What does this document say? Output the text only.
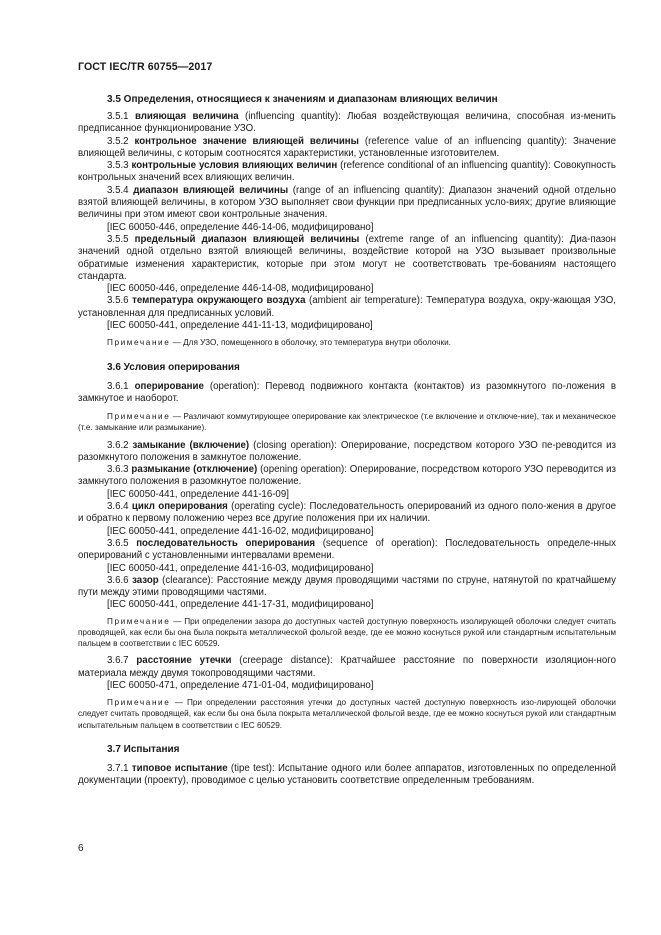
ГОСТ IEC/TR 60755—2017
3.5 Определения, относящиеся к значениям и диапазонам влияющих величин

3.5.1 влияющая величина (influencing quantity): Любая воздействующая величина, способная из-менить предписанное функционирование УЗО.

3.5.2 контрольное значение влияющей величины (reference value of an influencing quantity): Значение влияющей величины, с которым соотносятся характеристики, установленные изготовителем.

3.5.3 контрольные условия влияющих величин (reference conditional of an influencing quantity): Совокупность контрольных значений всех влияющих величин.

3.5.4 диапазон влияющей величины (range of an influencing quantity): Диапазон значений одной отдельно взятой влияющей величины, в котором УЗО выполняет свои функции при предписанных усло-виях; другие влияющие величины при этом имеют свои контрольные значения.

[IEC 60050-446, определение 446-14-06, модифицировано]

3.5.5 предельный диапазон влияющей величины (extreme range of an influencing quantity): Диа-пазон значений одной отдельно взятой влияющей величины, воздействие которой на УЗО вызывает произвольные обратимые изменения характеристик, которые при этом могут не соответствовать тре-бованиям настоящего стандарта.

[IEC 60050-446, определение 446-14-08, модифицировано]

3.5.6 температура окружающего воздуха (ambient air temperature): Температура воздуха, окру-жающая УЗО, установленная для предписанных условий.

[IEC 60050-441, определение 441-11-13, модифицировано]

Примечание — Для УЗО, помещенного в оболочку, это температура внутри оболочки.

3.6 Условия оперирования

3.6.1 оперирование (operation): Перевод подвижного контакта (контактов) из разомкнутого по-ложения в замкнутое и наоборот.

Примечание — Различают коммутирующее оперирование как электрическое (т.е включение и отключе-ние), так и механическое (т.е. замыкание или размыкание).

3.6.2 замыкание (включение) (closing operation): Оперирование, посредством которого УЗО пе-реводится из разомкнутого положения в замкнутое положение.

3.6.3 размыкание (отключение) (opening operation): Оперирование, посредством которого УЗО переводится из замкнутого положения в разомкнутое положение.

[IEC 60050-441, определение 441-16-09]

3.6.4 цикл оперирования (operating cycle): Последовательность оперирований из одного поло-жения в другое и обратно к первому положению через все другие положения при их наличии.

[IEC 60050-441, определение 441-16-02, модифицировано]

3.6.5 последовательность оперирования (sequence of operation): Последовательность определе-нных оперирований с установленными интервалами времени.

[IEC 60050-441, определение 441-16-03, модифицировано]

3.6.6 зазор (clearance): Расстояние между двумя проводящими частями по струне, натянутой по кратчайшему пути между этими проводящими частями.

[IEC 60050-441, определение 441-17-31, модифицировано]

Примечание — При определении зазора до доступных частей доступную поверхность изолирующей оболочки следует считать проводящей, как если бы она была покрыта металлической фольгой везде, где ее можно коснуться рукой или стандартным испытательным пальцем в соответствии с IEC 60529.

3.6.7 расстояние утечки (creepage distance): Кратчайшее расстояние по поверхности изоляцион-ного материала между двумя токопроводящими частями.

[IEC 60050-471, определение 471-01-04, модифицировано]

Примечание — При определении расстояния утечки до доступных частей доступную поверхность изо-лирующей оболочки следует считать проводящей, как если бы она была покрыта металлической фольгой везде, где ее можно коснуться рукой или стандартным испытательным пальцем в соответствии с IEC 60529.

3.7 Испытания

3.7.1 типовое испытание (tipe test): Испытание одного или более аппаратов, изготовленных по определенной документации (проекту), проводимое с целью установить соответствие определенным требованиям.

6
